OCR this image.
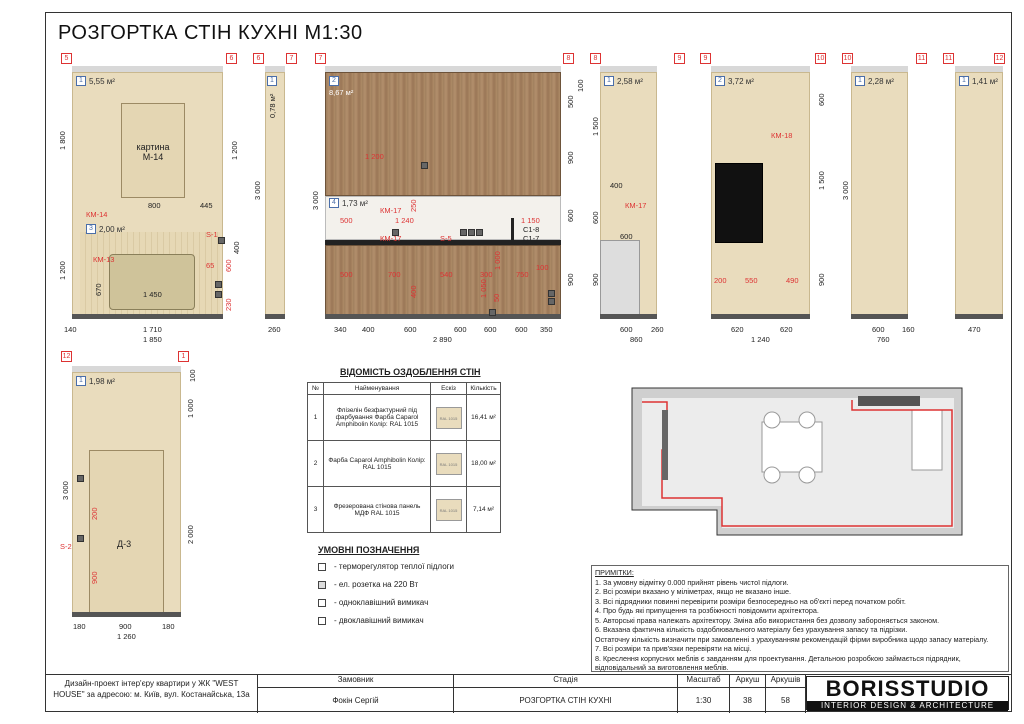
РОЗГОРТКА СТІН КУХНІ М1:30
5	6	6	7	7	8	8	9	9	10	10	11	11	12
12	1
1 5,55 м²
картина
М-14
3 2,00 м²
800	445
1 450
65
670
КМ-14
КМ-13
S-1
1 800
1 200
1 200
3 000
400
600
230
140	1 710
1 850
1
0,78 м²
260
2
8,67 м²
4 1,73 м²
1 200
500	1 240	1 150
500	700	540	300	750
100
КМ-17
КМ-17	S-5
С1-8
С1-7
250
1 000
400	1 050 50
3 000
500
900
600
900
100
340 400	600	600 600 600 350
2 890
1 2,58 м²
400
КМ-17
600
600 260
860
1 500
600
900
2 3,72 м²
КМ-18
200 550	490
620	620
1 240
600
1 500
900
1 2,28 м²
3 000
600 160
760
1 1,41 м²
470
1 1,98 м²
Д-3
S-2
3 000
1 000
2 000
100
200
900
180	900	180
1 260
ВІДОМІСТЬ ОЗДОБЛЕННЯ СТІН
№	Найменування	Ескіз	Кількість
1	Флізелін безфактурний під фарбування Фарба Caparol Amphibolin Колір: RAL 1015	RAL 1015	16,41 м²
2	Фарба Caparol Amphibolin Колір: RAL 1015	RAL 1015	18,00 м²
3	Фрезерована стінова панель МДФ RAL 1015	RAL 1015	7,14 м²
УМОВНІ ПОЗНАЧЕННЯ
- терморегулятор теплої підлоги
- ел. розетка на 220 Вт
- одноклавішний вимикач
- двоклавішний вимикач
ПРИМІТКИ:
1. За умовну відмітку 0.000 прийнят рівень чистої підлоги.
2. Всі розміри вказано у міліметрах, якщо не вказано інше.
3. Всі підрядники повинні перевірити розміри безпосередньо на об'єкті перед початком робіт.
4. Про будь які припущення та розбіжності повідомити архітектора.
5. Авторські права належать архітектору. Зміна або використання без дозволу забороняється законом.
6. Вказана фактична кількість оздоблювального матеріалу без урахування запасу та підрізки.
Остаточну кількість визначити при замовленні з урахуванням рекомендацій фірми виробника щодо запасу матеріалу.
7. Всі розміри та прив'язки перевіряти на місці.
8. Креслення корпусних меблів є завданням для проектування. Детальною розробкою займається підрядник, відповідальний за виготовлення меблів.
Дизайн-проект інтер'єру квартири у ЖК "WEST HOUSE" за адресою: м. Київ, вул. Костанайська, 13а
Замовник
Фокін Сергій
Стадія
РОЗГОРТКА СТІН КУХНІ
Масштаб
1:30
Аркуш
38
Аркушів
58	BORISSTUDIO
INTERIOR DESIGN & ARCHITECTURE
